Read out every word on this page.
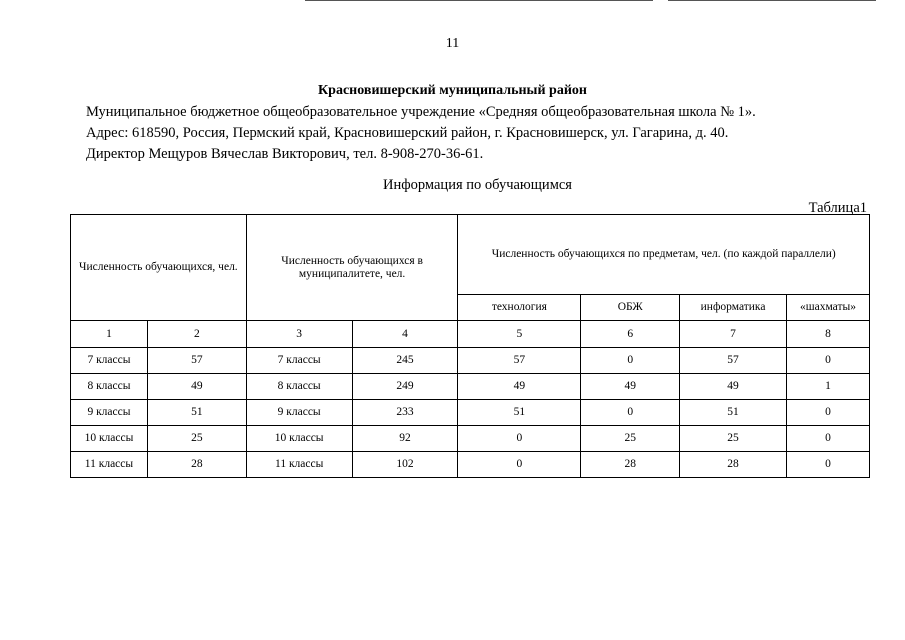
11
Красновишерский муниципальный район
Муниципальное бюджетное общеобразовательное учреждение «Средняя общеобразовательная школа № 1».
Адрес: 618590, Россия, Пермский край, Красновишерский район, г. Красновишерск, ул. Гагарина, д. 40.
Директор Мещуров Вячеслав Викторович, тел. 8-908-270-36-61.
Информация по обучающимся
Таблица1
Численность обучающихся, чел.		Численность обучающихся в муниципалитете, чел.		Численность обучающихся по предметам, чел. (по каждой параллели)			
				технология	ОБЖ	информатика	«шахматы»
1	2	3	4	5	6	7	8
7 классы	57	7 классы	245	57	0	57	0
8 классы	49	8 классы	249	49	49	49	1
9 классы	51	9 классы	233	51	0	51	0
10 классы	25	10 классы	92	0	25	25	0
11 классы	28	11 классы	102	0	28	28	0
